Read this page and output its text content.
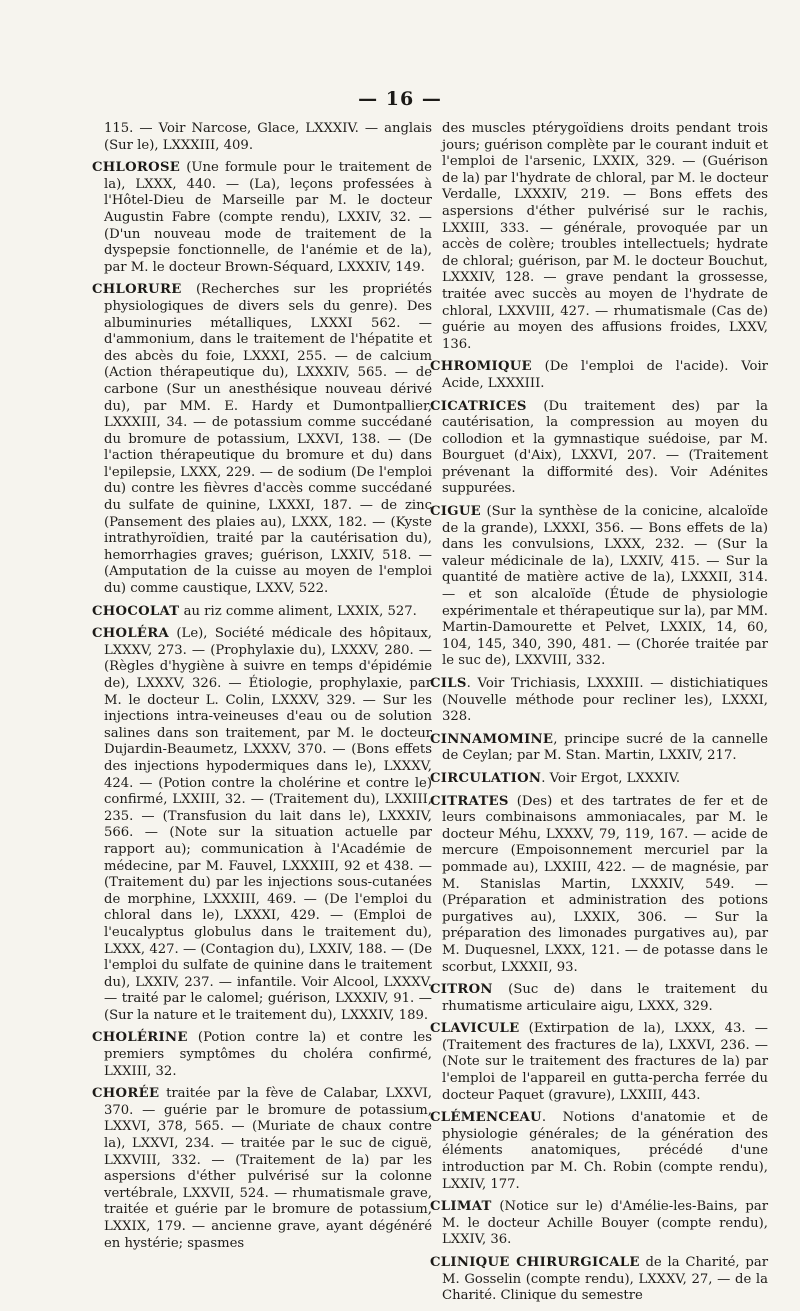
— 16 —

115. — Voir Narcose, Glace, LXXXIV. — anglais (Sur le), LXXXIII, 409.

CHLOROSE (Une formule pour le traitement de la), LXXX, 440. — (La), leçons professées à l'Hôtel-Dieu de Marseille par M. le docteur Augustin Fabre (compte rendu), LXXIV, 32. — (D'un nouveau mode de traitement de la dyspepsie fonctionnelle, de l'anémie et de la), par M. le docteur Brown-Séquard, LXXXIV, 149.

CHLORURE (Recherches sur les propriétés physiologiques de divers sels du genre). Des albuminuries métalliques, LXXXI 562. — d'ammonium, dans le traitement de l'hépatite et des abcès du foie, LXXXI, 255. — de calcium (Action thérapeutique du), LXXXIV, 565. — de carbone (Sur un anesthésique nouveau dérivé du), par MM. E. Hardy et Dumontpallier, LXXXIII, 34. — de potassium comme succédané du bromure de potassium, LXXVI, 138. — (De l'action thérapeutique du bromure et du) dans l'epilepsie, LXXX, 229. — de sodium (De l'emploi du) contre les fièvres d'accès comme succédané du sulfate de quinine, LXXXI, 187. — de zinc (Pansement des plaies au), LXXX, 182. — (Kyste intrathyroïdien, traité par la cautérisation du), hemorrhagies graves; guérison, LXXIV, 518. — (Amputation de la cuisse au moyen de l'emploi du) comme caustique, LXXV, 522.

CHOCOLAT au riz comme aliment, LXXIX, 527.

CHOLÉRA (Le), Société médicale des hôpitaux, LXXXV, 273. — (Prophylaxie du), LXXXV, 280. — (Règles d'hygiène à suivre en temps d'épidémie de), LXXXV, 326. — Étiologie, prophylaxie, par M. le docteur L. Colin, LXXXV, 329. — Sur les injections intra-veineuses d'eau ou de solution salines dans son traitement, par M. le docteur Dujardin-Beaumetz, LXXXV, 370. — (Bons effets des injections hypodermiques dans le), LXXXV, 424. — (Potion contre la cholérine et contre le) confirmé, LXXIII, 32. — (Traitement du), LXXIII, 235. — (Transfusion du lait dans le), LXXXIV, 566. — (Note sur la situation actuelle par rapport au); communication à l'Académie de médecine, par M. Fauvel, LXXXIII, 92 et 438. — (Traitement du) par les injections sous-cutanées de morphine, LXXXIII, 469. — (De l'emploi du chloral dans le), LXXXI, 429. — (Emploi de l'eucalyptus globulus dans le traitement du), LXXX, 427. — (Contagion du), LXXIV, 188. — (De l'emploi du sulfate de quinine dans le traitement du), LXXIV, 237. — infantile. Voir Alcool, LXXXV. — traité par le calomel; guérison, LXXXIV, 91. — (Sur la nature et le traitement du), LXXXIV, 189.

CHOLÉRINE (Potion contre la) et contre les premiers symptômes du choléra confirmé, LXXIII, 32.

CHORÉE traitée par la fève de Calabar, LXXVI, 370. — guérie par le bromure de potassium, LXXVI, 378, 565. — (Muriate de chaux contre la), LXXVI, 234. — traitée par le suc de ciguë, LXXVIII, 332. — (Traitement de la) par les aspersions d'éther pulvérisé sur la colonne vertébrale, LXXVII, 524. — rhumatismale grave, traitée et guérie par le bromure de potassium, LXXIX, 179. — ancienne grave, ayant dégénéré en hystérie; spasmes

des muscles ptérygoïdiens droits pendant trois jours; guérison complète par le courant induit et l'emploi de l'arsenic, LXXIX, 329. — (Guérison de la) par l'hydrate de chloral, par M. le docteur Verdalle, LXXXIV, 219. — Bons effets des aspersions d'éther pulvérisé sur le rachis, LXXIII, 333. — générale, provoquée par un accès de colère; troubles intellectuels; hydrate de chloral; guérison, par M. le docteur Bouchut, LXXXIV, 128. — grave pendant la grossesse, traitée avec succès au moyen de l'hydrate de chloral, LXXVIII, 427. — rhumatismale (Cas de) guérie au moyen des affusions froides, LXXV, 136.

CHROMIQUE (De l'emploi de l'acide). Voir Acide, LXXXIII.

CICATRICES (Du traitement des) par la cautérisation, la compression au moyen du collodion et la gymnastique suédoise, par M. Bourguet (d'Aix), LXXVI, 207. — (Traitement prévenant la difformité des). Voir Adénites suppurées.

CIGUE (Sur la synthèse de la conicine, alcaloïde de la grande), LXXXI, 356. — Bons effets de la) dans les convulsions, LXXX, 232. — (Sur la valeur médicinale de la), LXXIV, 415. — Sur la quantité de matière active de la), LXXXII, 314. — et son alcaloïde (Étude de physiologie expérimentale et thérapeutique sur la), par MM. Martin-Damourette et Pelvet, LXXIX, 14, 60, 104, 145, 340, 390, 481. — (Chorée traitée par le suc de), LXXVIII, 332.

CILS. Voir Trichiasis, LXXXIII. — distichiatiques (Nouvelle méthode pour recliner les), LXXXI, 328.

CINNAMOMINE, principe sucré de la cannelle de Ceylan; par M. Stan. Martin, LXXIV, 217.

CIRCULATION. Voir Ergot, LXXXIV.

CITRATES (Des) et des tartrates de fer et de leurs combinaisons ammoniacales, par M. le docteur Méhu, LXXXV, 79, 119, 167. — acide de mercure (Empoisonnement mercuriel par la pommade au), LXXIII, 422. — de magnésie, par M. Stanislas Martin, LXXXIV, 549. — (Préparation et administration des potions purgatives au), LXXIX, 306. — Sur la préparation des limonades purgatives au), par M. Duquesnel, LXXX, 121. — de potasse dans le scorbut, LXXXII, 93.

CITRON (Suc de) dans le traitement du rhumatisme articulaire aigu, LXXX, 329.

CLAVICULE (Extirpation de la), LXXX, 43. — (Traitement des fractures de la), LXXVI, 236. — (Note sur le traitement des fractures de la) par l'emploi de l'appareil en gutta-percha ferrée du docteur Paquet (gravure), LXXIII, 443.

CLÉMENCEAU. Notions d'anatomie et de physiologie générales; de la génération des éléments anatomiques, précédé d'une introduction par M. Ch. Robin (compte rendu), LXXIV, 177.

CLIMAT (Notice sur le) d'Amélie-les-Bains, par M. le docteur Achille Bouyer (compte rendu), LXXIV, 36.

CLINIQUE CHIRURGICALE de la Charité, par M. Gosselin (compte rendu), LXXXV, 27, — de la Charité. Clinique du semestre
